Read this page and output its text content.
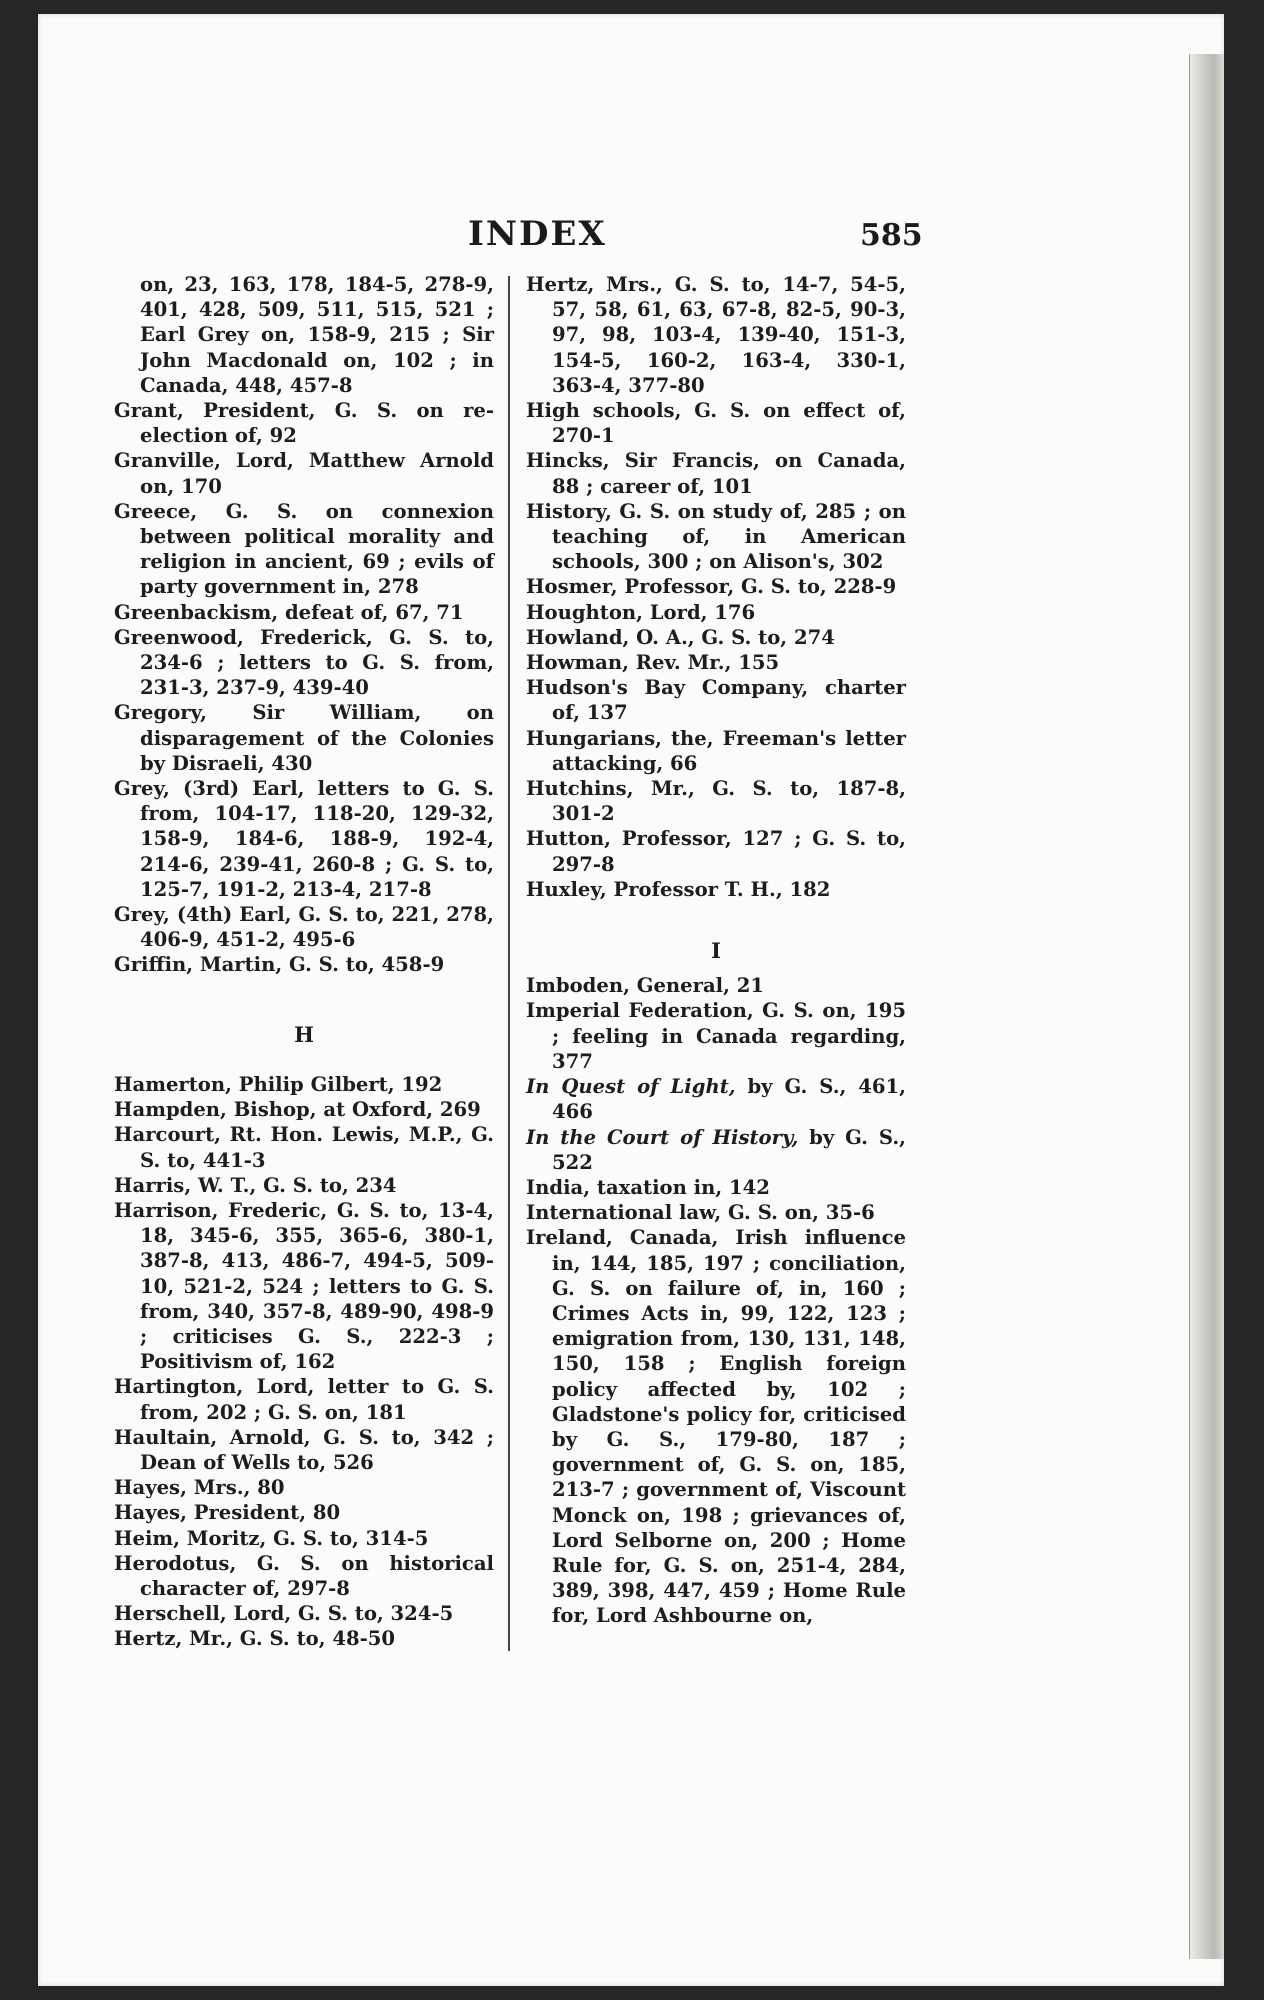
INDEX	585

on, 23, 163, 178, 184-5, 278-9, 401, 428, 509, 511, 515, 521 ; Earl Grey on, 158-9, 215 ; Sir John Macdonald on, 102 ; in Canada, 448, 457-8

Grant, President, G. S. on re-election of, 92

Granville, Lord, Matthew Arnold on, 170

Greece, G. S. on connexion between political morality and religion in ancient, 69 ; evils of party government in, 278

Greenbackism, defeat of, 67, 71

Greenwood, Frederick, G. S. to, 234-6 ; letters to G. S. from, 231-3, 237-9, 439-40

Gregory, Sir William, on disparagement of the Colonies by Disraeli, 430

Grey, (3rd) Earl, letters to G. S. from, 104-17, 118-20, 129-32, 158-9, 184-6, 188-9, 192-4, 214-6, 239-41, 260-8 ; G. S. to, 125-7, 191-2, 213-4, 217-8

Grey, (4th) Earl, G. S. to, 221, 278, 406-9, 451-2, 495-6

Griffin, Martin, G. S. to, 458-9

H

Hamerton, Philip Gilbert, 192

Hampden, Bishop, at Oxford, 269

Harcourt, Rt. Hon. Lewis, M.P., G. S. to, 441-3

Harris, W. T., G. S. to, 234

Harrison, Frederic, G. S. to, 13-4, 18, 345-6, 355, 365-6, 380-1, 387-8, 413, 486-7, 494-5, 509-10, 521-2, 524 ; letters to G. S. from, 340, 357-8, 489-90, 498-9 ; criticises G. S., 222-3 ; Positivism of, 162

Hartington, Lord, letter to G. S. from, 202 ; G. S. on, 181

Haultain, Arnold, G. S. to, 342 ; Dean of Wells to, 526

Hayes, Mrs., 80

Hayes, President, 80

Heim, Moritz, G. S. to, 314-5

Herodotus, G. S. on historical character of, 297-8

Herschell, Lord, G. S. to, 324-5

Hertz, Mr., G. S. to, 48-50

Hertz, Mrs., G. S. to, 14-7, 54-5, 57, 58, 61, 63, 67-8, 82-5, 90-3, 97, 98, 103-4, 139-40, 151-3, 154-5, 160-2, 163-4, 330-1, 363-4, 377-80

High schools, G. S. on effect of, 270-1

Hincks, Sir Francis, on Canada, 88 ; career of, 101

History, G. S. on study of, 285 ; on teaching of, in American schools, 300 ; on Alison's, 302

Hosmer, Professor, G. S. to, 228-9

Houghton, Lord, 176

Howland, O. A., G. S. to, 274

Howman, Rev. Mr., 155

Hudson's Bay Company, charter of, 137

Hungarians, the, Freeman's letter attacking, 66

Hutchins, Mr., G. S. to, 187-8, 301-2

Hutton, Professor, 127 ; G. S. to, 297-8

Huxley, Professor T. H., 182

I

Imboden, General, 21

Imperial Federation, G. S. on, 195 ; feeling in Canada regarding, 377

In Quest of Light, by G. S., 461, 466

In the Court of History, by G. S., 522

India, taxation in, 142

International law, G. S. on, 35-6

Ireland, Canada, Irish influence in, 144, 185, 197 ; conciliation, G. S. on failure of, in, 160 ; Crimes Acts in, 99, 122, 123 ; emigration from, 130, 131, 148, 150, 158 ; English foreign policy affected by, 102 ; Gladstone's policy for, criticised by G. S., 179-80, 187 ; government of, G. S. on, 185, 213-7 ; government of, Viscount Monck on, 198 ; grievances of, Lord Selborne on, 200 ; Home Rule for, G. S. on, 251-4, 284, 389, 398, 447, 459 ; Home Rule for, Lord Ashbourne on,
